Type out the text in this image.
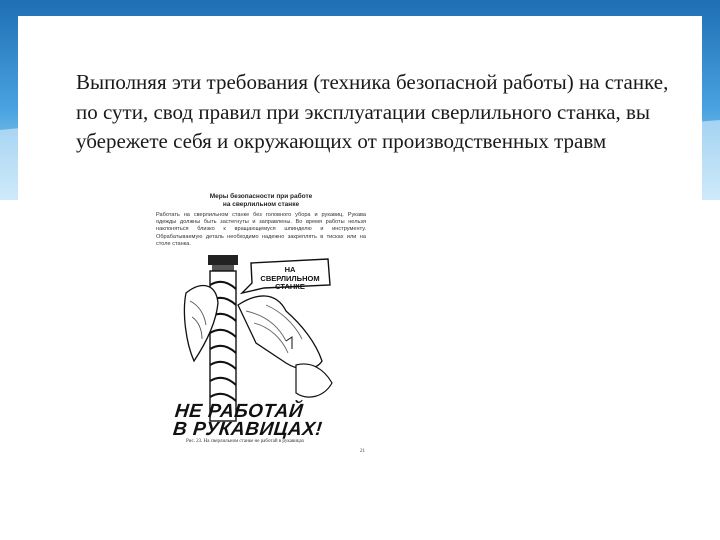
Выполняя эти требования (техника безопасной работы) на станке, по сути, свод правил при эксплуатации сверлильного станка, вы убережете себя и окружающих от производственных травм

Меры безопасности при работе
на сверлильном станке

Работать на сверлильном станке без головного убора и рукавиц. Рукава одежды должны быть застегнуты и заправлены. Во время работы нельзя наклоняться близко к вращающемуся шпинделю и инструменту. Обрабатываемую деталь необходимо надежно закреплять в тисках или на столе станка.

НА СВЕРЛИЛЬНОМ
СТАНКЕ
НЕ РАБОТАЙ
В РУКАВИЦАХ!
Рис. 23. На сверлильном станке не работай в рукавицах
21
